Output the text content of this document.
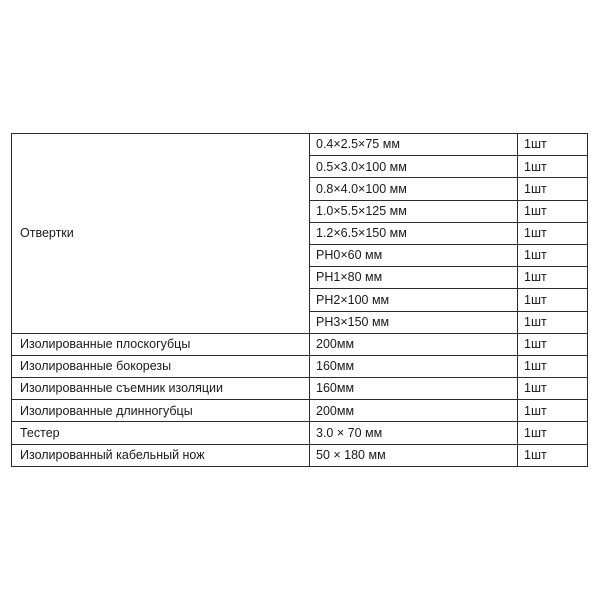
Отвертки	0.4×2.5×75 мм	1шт
	0.5×3.0×100 мм	1шт
	0.8×4.0×100 мм	1шт
	1.0×5.5×125 мм	1шт
	1.2×6.5×150 мм	1шт
	PH0×60 мм	1шт
	PH1×80 мм	1шт
	PH2×100 мм	1шт
	PH3×150 мм	1шт
Изолированные плоскогубцы	200мм	1шт
Изолированные бокорезы	160мм	1шт
Изолированные съемник изоляции	160мм	1шт
Изолированные длинногубцы	200мм	1шт
Тестер	3.0 × 70 мм	1шт
Изолированный кабельный нож	50 × 180 мм	1шт
